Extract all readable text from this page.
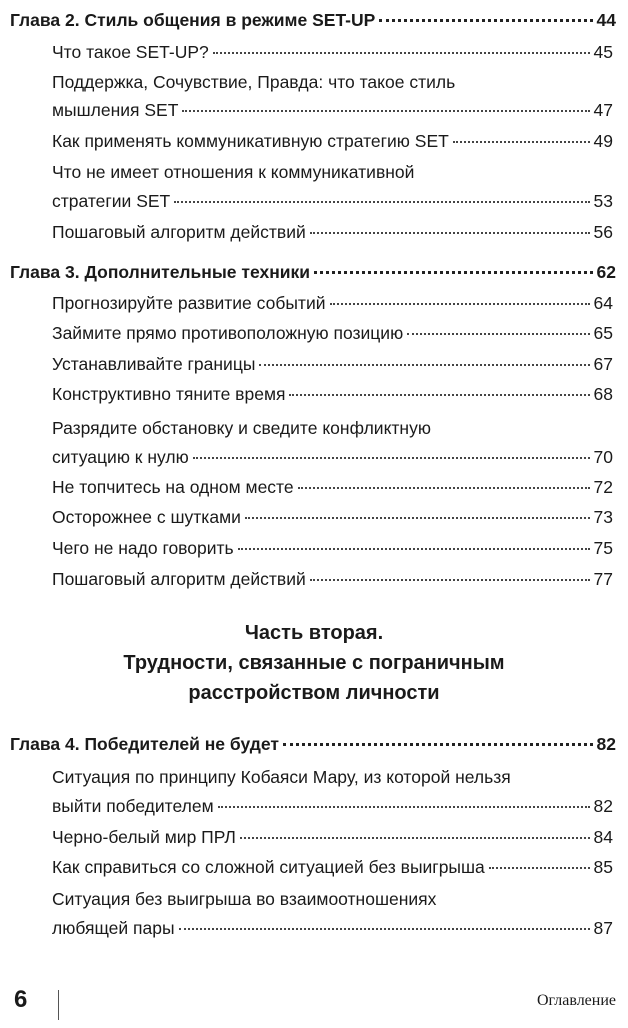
Глава 2. Стиль общения в режиме SET-UP	44
Что такое SET-UP?	45
Поддержка, Сочувствие, Правда: что такое стиль
мышления SET	47
Как применять коммуникативную стратегию SET	49
Что не имеет отношения к коммуникативной
стратегии SET	53
Пошаговый алгоритм действий	56
Глава 3. Дополнительные техники	62
Прогнозируйте развитие событий	64
Займите прямо противоположную позицию	65
Устанавливайте границы	67
Конструктивно тяните время	68
Разрядите обстановку и сведите конфликтную
ситуацию к нулю	70
Не топчитесь на одном месте	72
Осторожнее с шутками	73
Чего не надо говорить	75
Пошаговый алгоритм действий	77
Часть вторая.
Трудности, связанные с пограничным
расстройством личности
Глава 4. Победителей не будет	82
Ситуация по принципу Кобаяси Мару, из которой нельзя
выйти победителем	82
Черно-белый мир ПРЛ	84
Как справиться со сложной ситуацией без выигрыша	85
Ситуация без выигрыша во взаимоотношениях
любящей пары	87
6	Оглавление
